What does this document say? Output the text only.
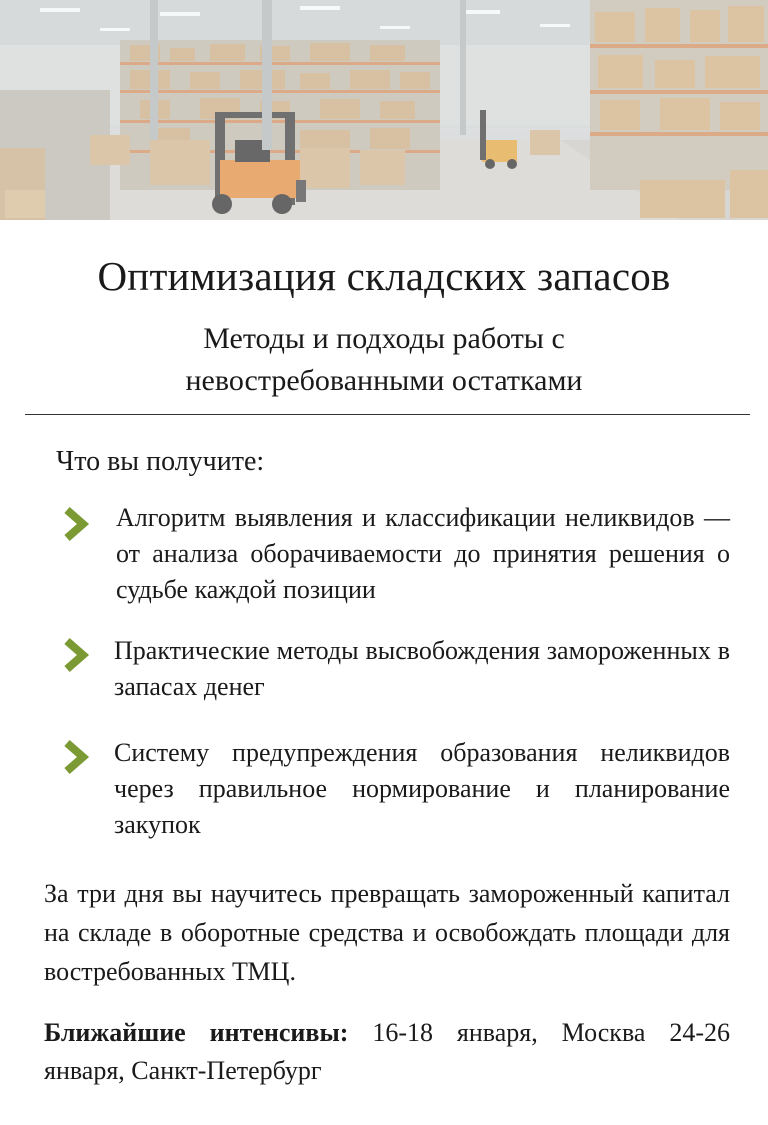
Оптимизация складских запасов

Методы и подходы работы с невостребованными остатками

Что вы получите:

Алгоритм выявления и классификации неликвидов — от анализа оборачиваемости до принятия решения о судьбе каждой позиции
Практические методы высвобождения замороженных в запасах денег
Систему предупреждения образования неликвидов через правильное нормирование и планирование закупок

За три дня вы научитесь превращать замороженный капитал на складе в оборотные средства и освобождать площади для востребованных ТМЦ.

Ближайшие интенсивы: 16-18 января, Москва 24-26 января, Санкт-Петербург
